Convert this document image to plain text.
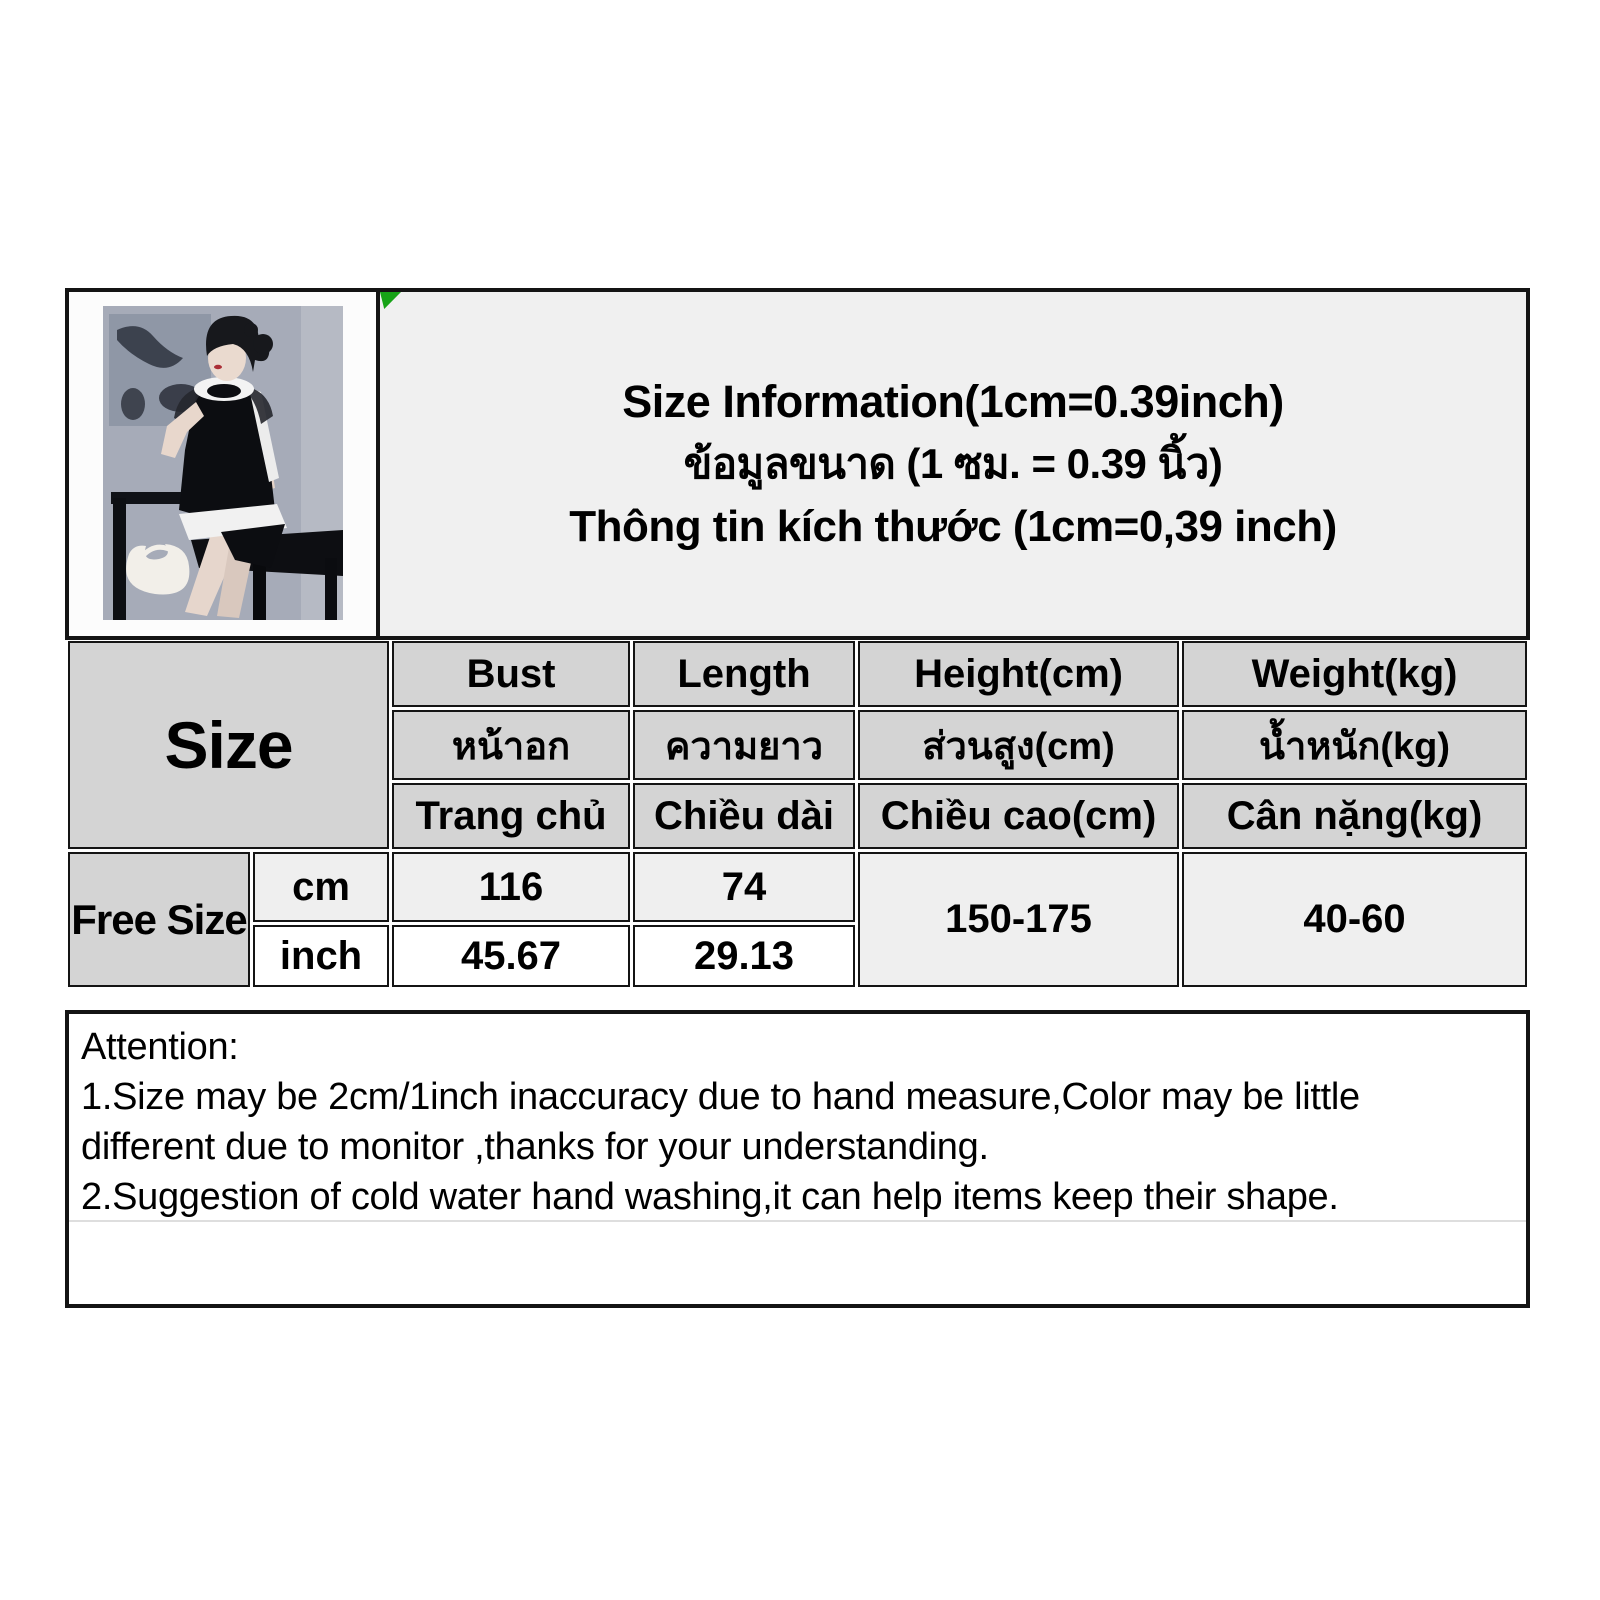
Size Information(1cm=0.39inch)
ข้อมูลขนาด (1 ซม. = 0.39 นิ้ว)
Thông tin kích thước (1cm=0,39 inch)
Size		Bust	Length	Height(cm)	Weight(kg)
		หน้าอก	ความยาว	ส่วนสูง(cm)	น้ำหนัก(kg)
		Trang chủ	Chiều dài	Chiều cao(cm)	Cân nặng(kg)
Free Size	cm	116	74	150-175	40-60
	inch	45.67	29.13		
Attention:
1.Size may be 2cm/1inch inaccuracy due to hand measure,Color may be little
different due to monitor ,thanks for your understanding.
2.Suggestion of cold water hand washing,it can help items keep their shape.
